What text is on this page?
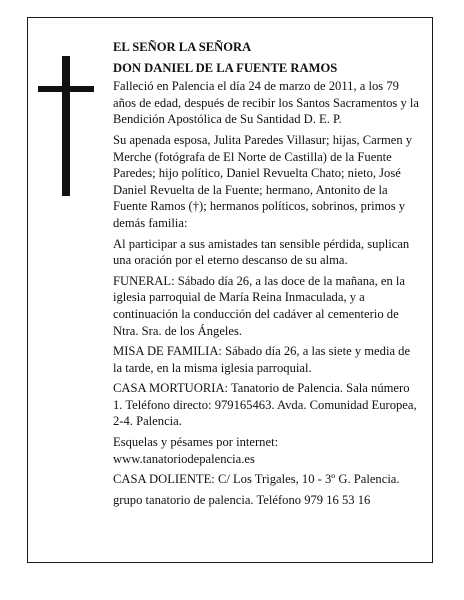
EL SEÑOR LA SEÑORA

DON DANIEL DE LA FUENTE RAMOS

Falleció en Palencia el día 24 de marzo de 2011, a los 79 años de edad, después de recibir los Santos Sacramentos y la Bendición Apostólica de Su Santidad D. E. P.

Su apenada esposa, Julita Paredes Villasur; hijas, Carmen y Merche (fotógrafa de El Norte de Castilla) de la Fuente Paredes; hijo político, Daniel Revuelta Chato; nieto, José Daniel Revuelta de la Fuente; hermano, Antonito de la Fuente Ramos (†); hermanos políticos, sobrinos, primos y demás familia:

Al participar a sus amistades tan sensible pérdida, suplican una oración por el eterno descanso de su alma.

FUNERAL: Sábado día 26, a las doce de la mañana, en la iglesia parroquial de María Reina Inmaculada, y a continuación la conducción del cadáver al cementerio de Ntra. Sra. de los Ángeles.

MISA DE FAMILIA: Sábado día 26, a las siete y media de la tarde, en la misma iglesia parroquial.

CASA MORTUORIA: Tanatorio de Palencia. Sala número 1. Teléfono directo: 979165463. Avda. Comunidad Europea, 2-4. Palencia.

Esquelas y pésames por internet: www.tanatoriodepalencia.es

CASA DOLIENTE: C/ Los Trigales, 10 - 3º G. Palencia.

grupo tanatorio de palencia. Teléfono 979 16 53 16
